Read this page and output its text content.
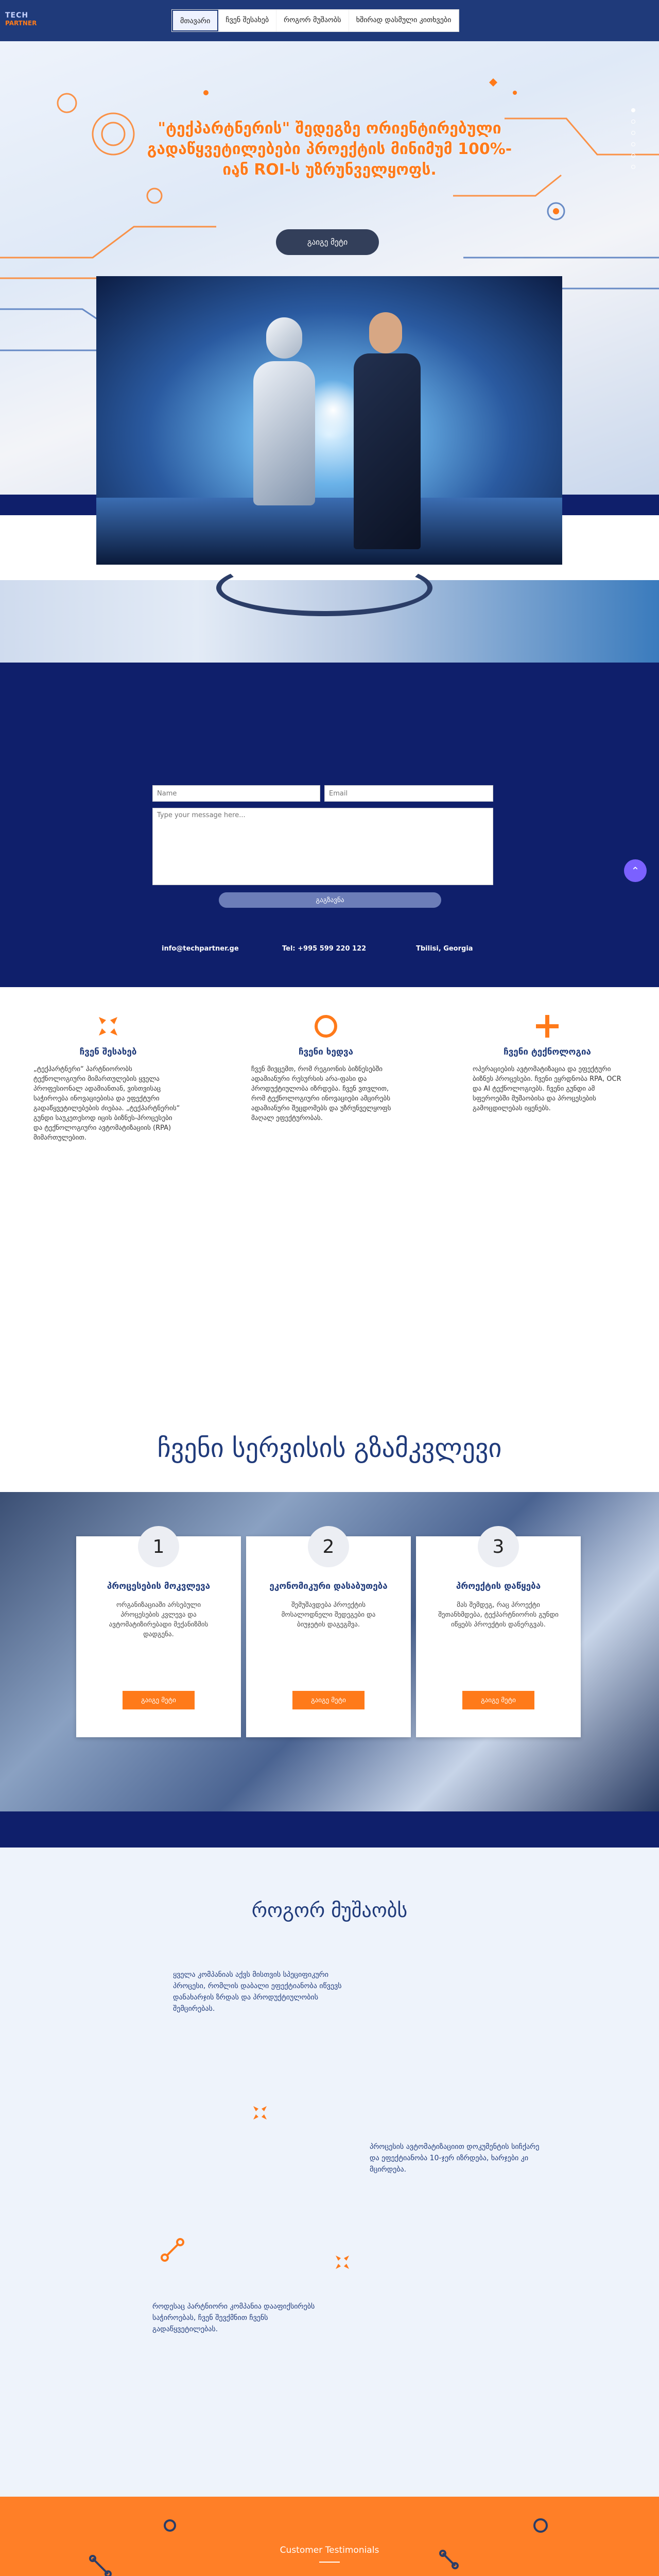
TECH
PARTNER	მთავარი	ჩვენ შესახებ	როგორ მუშაობს	ხშირად დასმული კითხვები
"ტექპარტნერის" შედეგზე ორიენტირებული გადაწყვეტილებები პროექტის მინიმუმ 100%-იან ROI-ს უზრუნველყოფს.
გაიგე მეტი
Name
Email
Type your message here...
გაგზავნა
⌃
info@techpartner.ge	Tel: +995 599 220 122	Tbilisi, Georgia
ჩვენ შესახებ

„ტექპარტნერი“ პარტნიორობს ტექნოლოგიური მიმართულების ყველა პროფესიონალ ადამიანთან, ვისთვისაც საჭიროება ინოვაციებისა და ეფექტური გადაწყვეტილებების ძიებაა. „ტექპარტნერის“ გუნდი საუკეთესოდ იცის ბიზნეს-პროცესები და ტექნოლოგიური ავტომატიზაციის (RPA) მიმართულებით.

ჩვენი ხედვა

ჩვენ მივცემთ, რომ რეგიონის ბიზნესებში ადამიანური რესურსის არა-ფასი და პროდუქტიულობა იზრდება. ჩვენ ვთვლით, რომ ტექნოლოგიური ინოვაციები ამცირებს ადამიანური შეცდომებს და უზრუნველყოფს მაღალ ეფექტურობას.

ჩვენი ტექნოლოგია

ოპერაციების ავტომატიზაცია და ეფექტური ბიზნეს პროცესები. ჩვენი ეყრდნობა RPA, OCR და AI ტექნოლოგიებს. ჩვენი გუნდი ამ სფეროებში მუშაობისა და პროცესების გამოცდილებას იყენებს.

ჩვენი სერვისის გზამკვლევი
1
პროცესების მოკვლევა

ორგანიზაციაში არსებული პროცესების კვლევა და ავტომატიზირებადი მექანიზმის დადგენა.

გაიგე მეტი
2
ეკონომიკური დასაბუთება

შემუშავდება პროექტის მოსალოდნელი შედეგები და ბიუჯეტის დაგეგმვა.

გაიგე მეტი
3
პროექტის დაწყება

მას შემდეგ, რაც პროექტი შეთანხმდება, ტექპარტნიორის გუნდი იწყებს პროექტის დანერგვას.

გაიგე მეტი
როგორ მუშაობს
ყველა კომპანიას აქვს მისთვის სპეციფიკური პროცესი, რომლის დაბალი ეფექტიანობა იწვევს დანახარჯის ზრდას და პროდუქტიულობის შემცირებას.
პროცესის ავტომატიზაციით დოკუმენტის სიჩქარე და ეფექტიანობა 10-ჯერ იზრდება, ხარჯები კი მცირდება.
როდესაც პარტნიორი კომპანია დააფიქსირებს საჭიროებას, ჩვენ შევქმნით ჩვენს გადაწყვეტილებას.
Customer Testimonials
